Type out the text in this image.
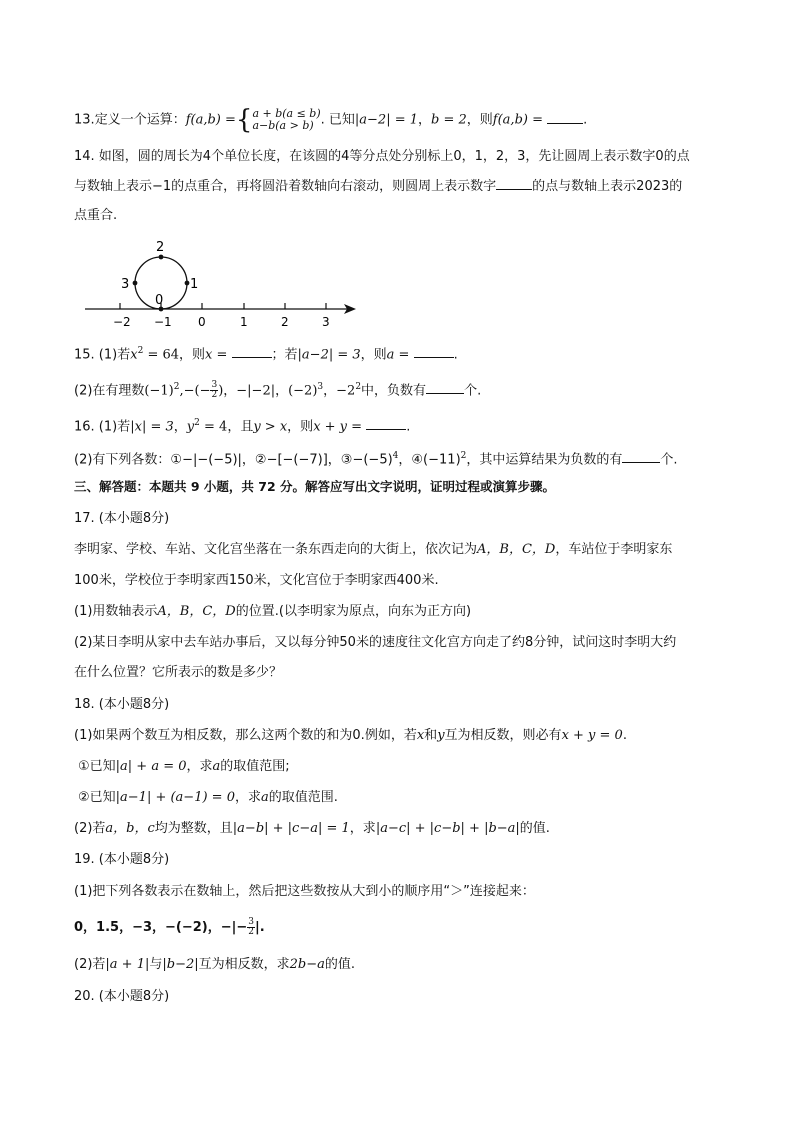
13.定义一个运算：f(a,b) ={ a + b(a ≤ b)
a−b(a > b) . 已知|a−2| = 1，b = 2，则f(a,b) =	.
14. 如图，圆的周长为4个单位长度，在该圆的4等分点处分别标上0，1，2，3，先让圆周上表示数字0的点
与数轴上表示−1的点重合，再将圆沿着数轴向右滚动，则圆周上表示数字	的点与数轴上表示2023的
点重合.
0
1
2
3
−2 −1 0	1	2	3
15. (1)若$x^2 = 64$，则x =	；若|a−2| = 3，则a =	.
(2)在有理数$(-1)^2,-(- \frac{3}{2}$ )，−|−2|，$(-2)^3$，$-2^2$中，负数有	个.
16. (1)若|x| = 3，$y^2 = 4$，且y > x，则x + y =	.
(2)有下列各数：①−|−(−5)|，②−[−(−7)]，$③-(-5)^4$，$④(-11)^2$，其中运算结果为负数的有	个.
三、解答题：本题共 9 小题，共 72 分。解答应写出文字说明，证明过程或演算步骤。
17. (本小题8分)
李明家、学校、车站、文化宫坐落在一条东西走向的大街上，依次记为A，B，C，D，车站位于李明家东
100米，学校位于李明家西150米，文化宫位于李明家西400米.
(1)用数轴表示A，B，C，D的位置.(以李明家为原点，向东为正方向)
(2)某日李明从家中去车站办事后，又以每分钟50米的速度往文化宫方向走了约8分钟，试问这时李明大约
在什么位置？它所表示的数是多少？
18. (本小题8分)
(1)如果两个数互为相反数，那么这两个数的和为0.例如，若x和y互为相反数，则必有x + y = 0.
①已知|a| + a = 0，求a的取值范围;
②已知|a−1| + (a−1) = 0，求a的取值范围.
(2)若a，b，c均为整数，且|a−b| + |c−a| = 1，求|a−c| + |c−b| + |b−a|的值.
19. (本小题8分)
(1)把下列各数表示在数轴上，然后把这些数按从大到小的顺序用“＞”连接起来：
0，1.5，−3，−(−2)，−|− $\frac{3}{2}$ |.
(2)若|a + 1|与|b−2|互为相反数，求2b−a的值.
20. (本小题8分)
